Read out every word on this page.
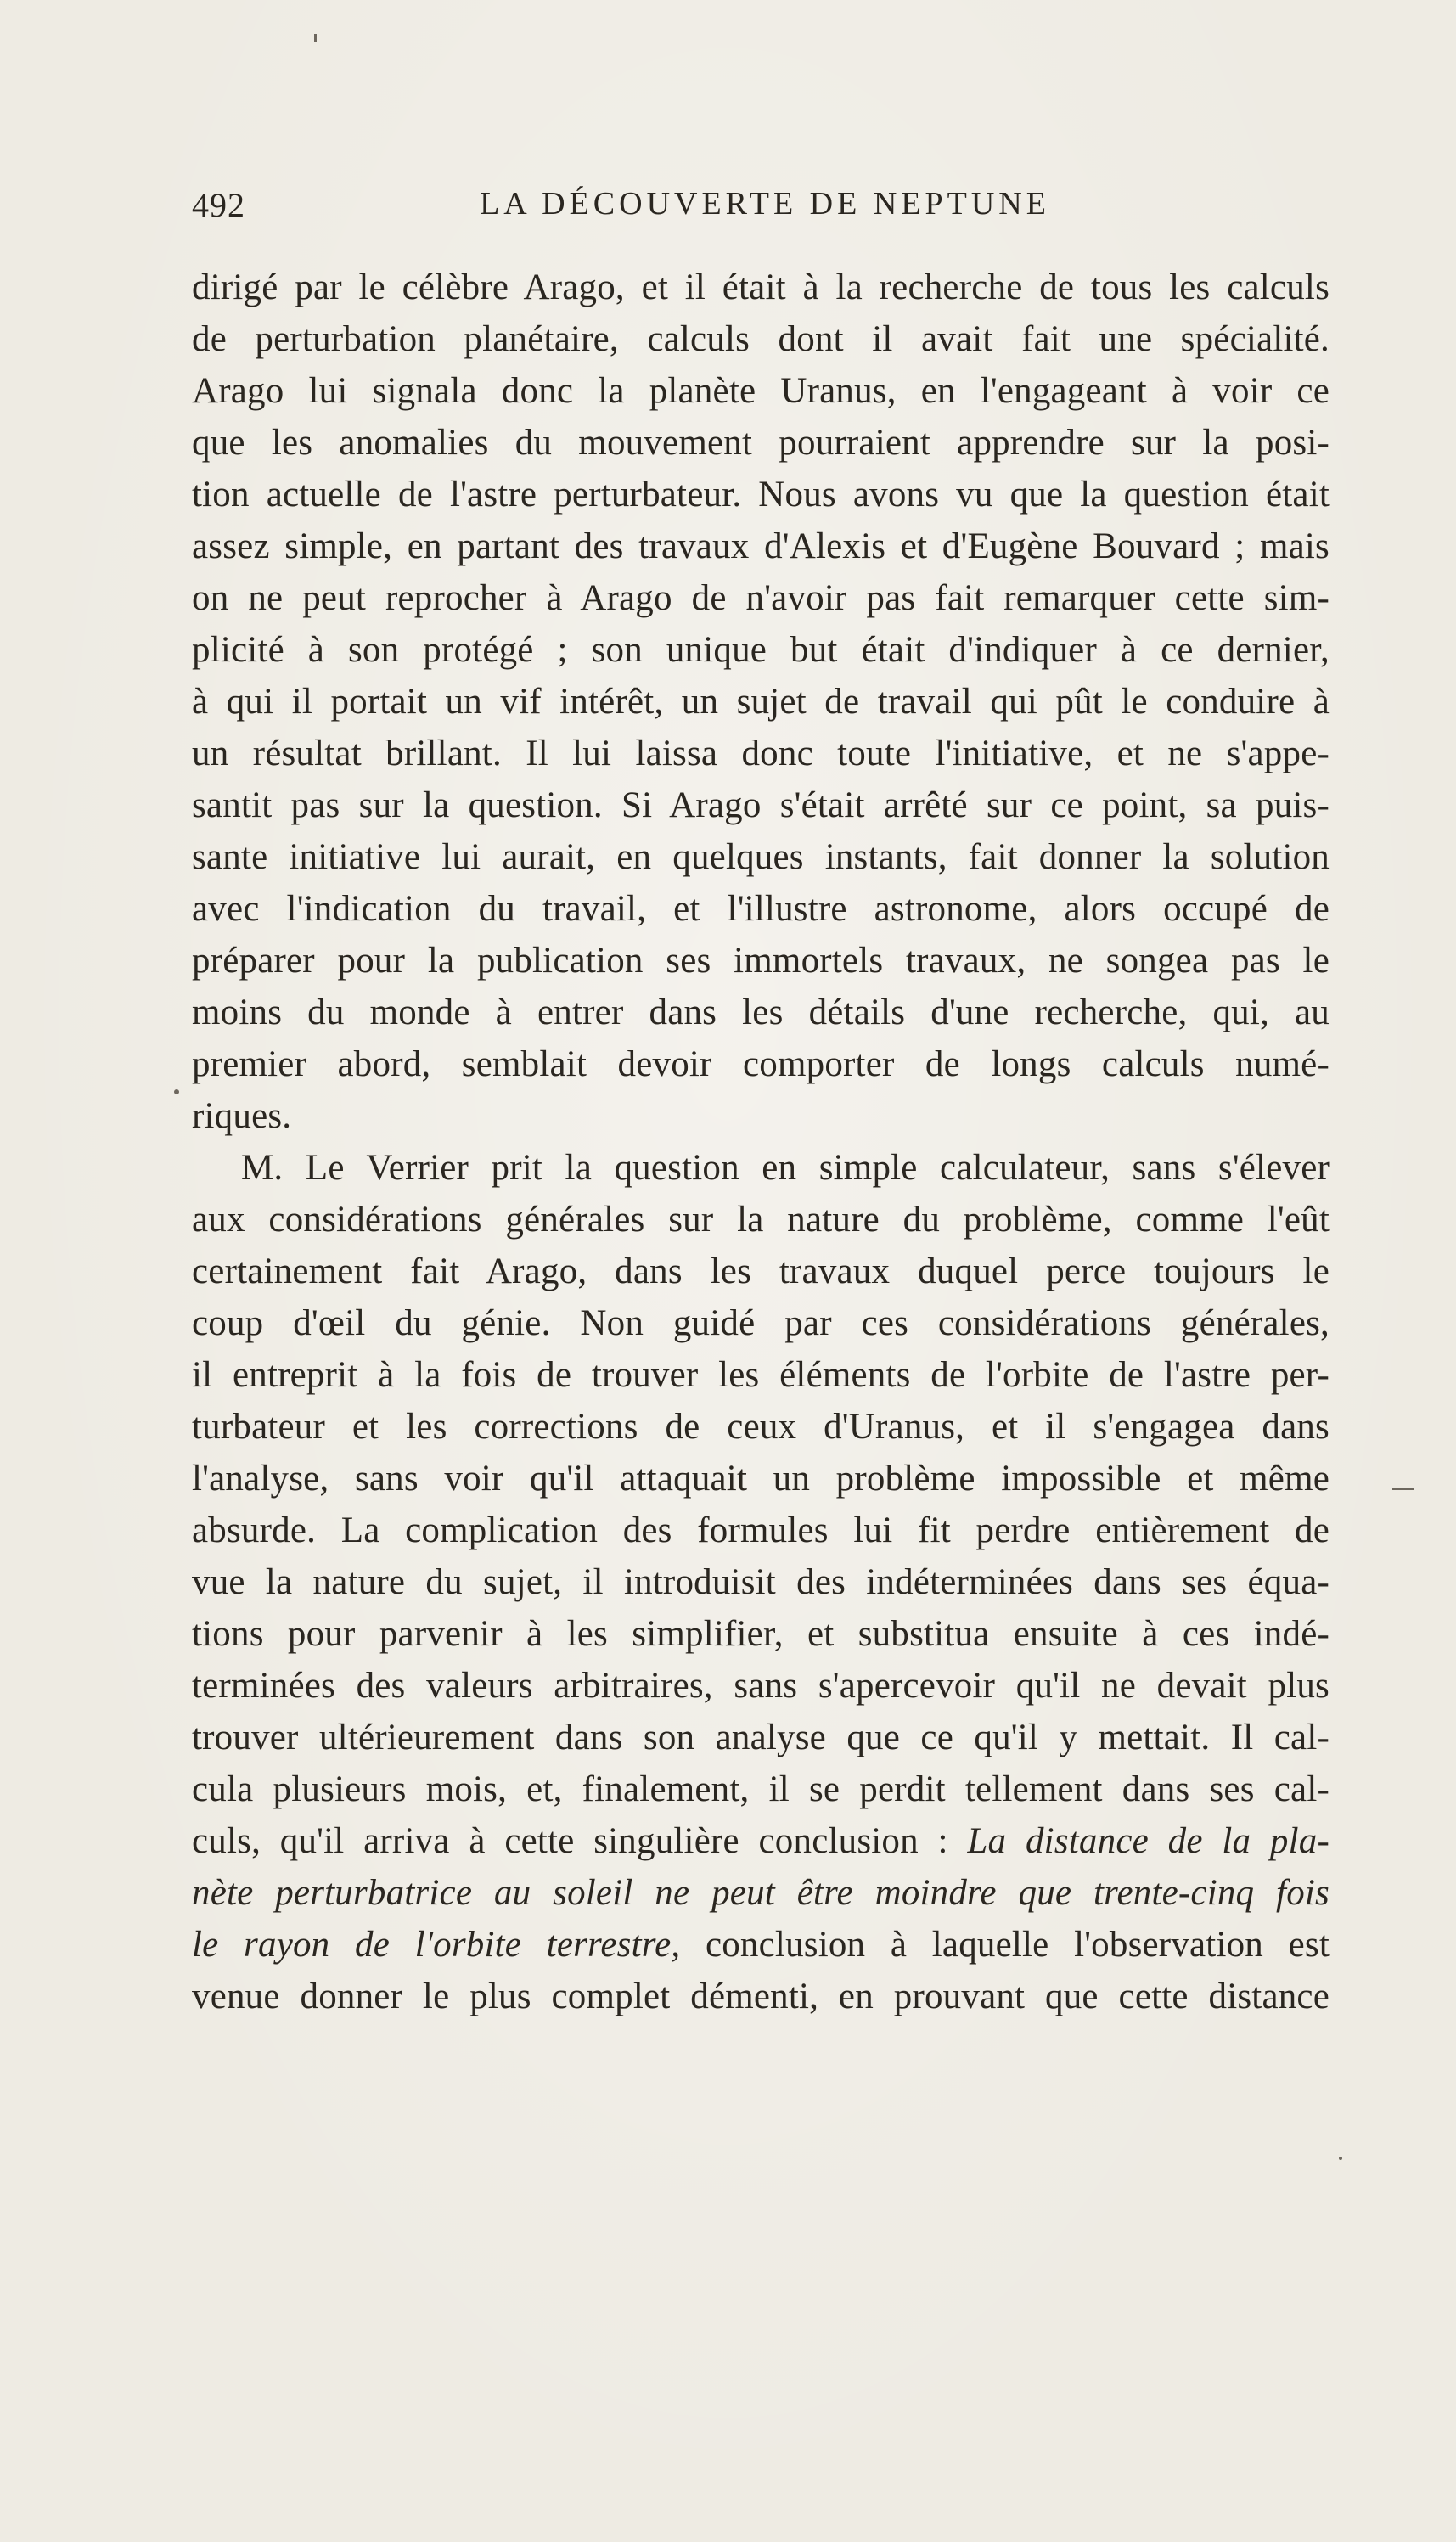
492	LA DÉCOUVERTE DE NEPTUNE
dirigé par le célèbre Arago, et il était à la recherche de tous les calculs
de perturbation planétaire, calculs dont il avait fait une spécialité.
Arago lui signala donc la planète Uranus, en l'engageant à voir ce
que les anomalies du mouvement pourraient apprendre sur la posi-
tion actuelle de l'astre perturbateur. Nous avons vu que la question était
assez simple, en partant des travaux d'Alexis et d'Eugène Bouvard ; mais
on ne peut reprocher à Arago de n'avoir pas fait remarquer cette sim-
plicité à son protégé ; son unique but était d'indiquer à ce dernier,
à qui il portait un vif intérêt, un sujet de travail qui pût le conduire à
un résultat brillant. Il lui laissa donc toute l'initiative, et ne s'appe-
santit pas sur la question. Si Arago s'était arrêté sur ce point, sa puis-
sante initiative lui aurait, en quelques instants, fait donner la solution
avec l'indication du travail, et l'illustre astronome, alors occupé de
préparer pour la publication ses immortels travaux, ne songea pas le
moins du monde à entrer dans les détails d'une recherche, qui, au
premier abord, semblait devoir comporter de longs calculs numé-
riques.
M. Le Verrier prit la question en simple calculateur, sans s'élever
aux considérations générales sur la nature du problème, comme l'eût
certainement fait Arago, dans les travaux duquel perce toujours le
coup d'œil du génie. Non guidé par ces considérations générales,
il entreprit à la fois de trouver les éléments de l'orbite de l'astre per-
turbateur et les corrections de ceux d'Uranus, et il s'engagea dans
l'analyse, sans voir qu'il attaquait un problème impossible et même
absurde. La complication des formules lui fit perdre entièrement de
vue la nature du sujet, il introduisit des indéterminées dans ses équa-
tions pour parvenir à les simplifier, et substitua ensuite à ces indé-
terminées des valeurs arbitraires, sans s'apercevoir qu'il ne devait plus
trouver ultérieurement dans son analyse que ce qu'il y mettait. Il cal-
cula plusieurs mois, et, finalement, il se perdit tellement dans ses cal-
culs, qu'il arriva à cette singulière conclusion : La distance de la pla-
nète perturbatrice au soleil ne peut être moindre que trente-cinq fois
le rayon de l'orbite terrestre, conclusion à laquelle l'observation est
venue donner le plus complet démenti, en prouvant que cette distance
